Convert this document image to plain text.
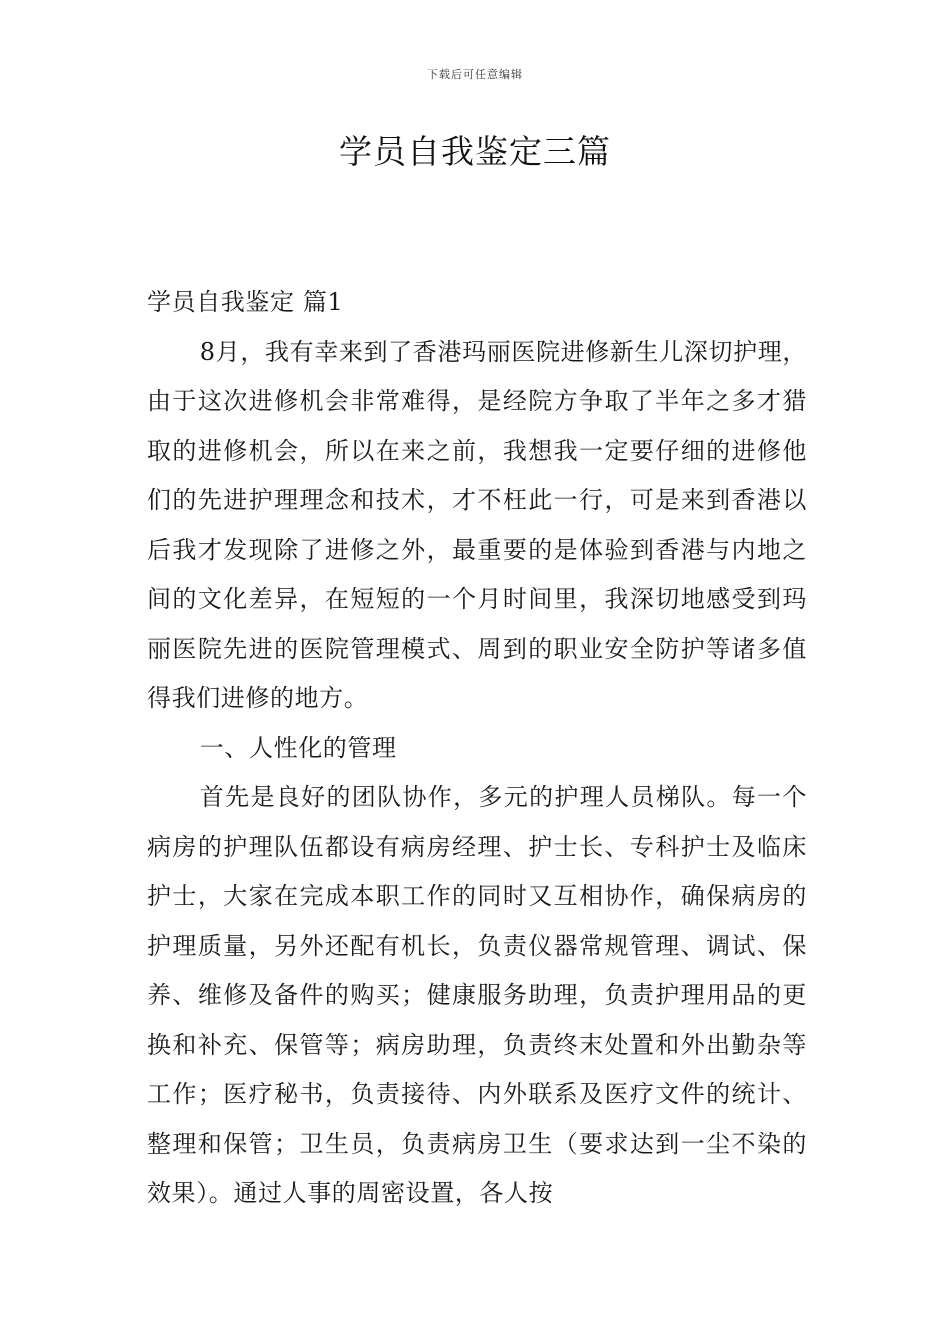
下载后可任意编辑
学员自我鉴定三篇

学员自我鉴定 篇1

8月，我有幸来到了香港玛丽医院进修新生儿深切护理，由于这次进修机会非常难得，是经院方争取了半年之多才猎取的进修机会，所以在来之前，我想我一定要仔细的进修他们的先进护理理念和技术，才不枉此一行，可是来到香港以后我才发现除了进修之外，最重要的是体验到香港与内地之间的文化差异，在短短的一个月时间里，我深切地感受到玛丽医院先进的医院管理模式、周到的职业安全防护等诸多值得我们进修的地方。

一、人性化的管理

首先是良好的团队协作，多元的护理人员梯队。每一个病房的护理队伍都设有病房经理、护士长、专科护士及临床护士，大家在完成本职工作的同时又互相协作，确保病房的护理质量，另外还配有机长，负责仪器常规管理、调试、保养、维修及备件的购买；健康服务助理，负责护理用品的更换和补充、保管等；病房助理，负责终末处置和外出勤杂等工作；医疗秘书，负责接待、内外联系及医疗文件的统计、整理和保管；卫生员，负责病房卫生（要求达到一尘不染的效果）。通过人事的周密设置，各人按
